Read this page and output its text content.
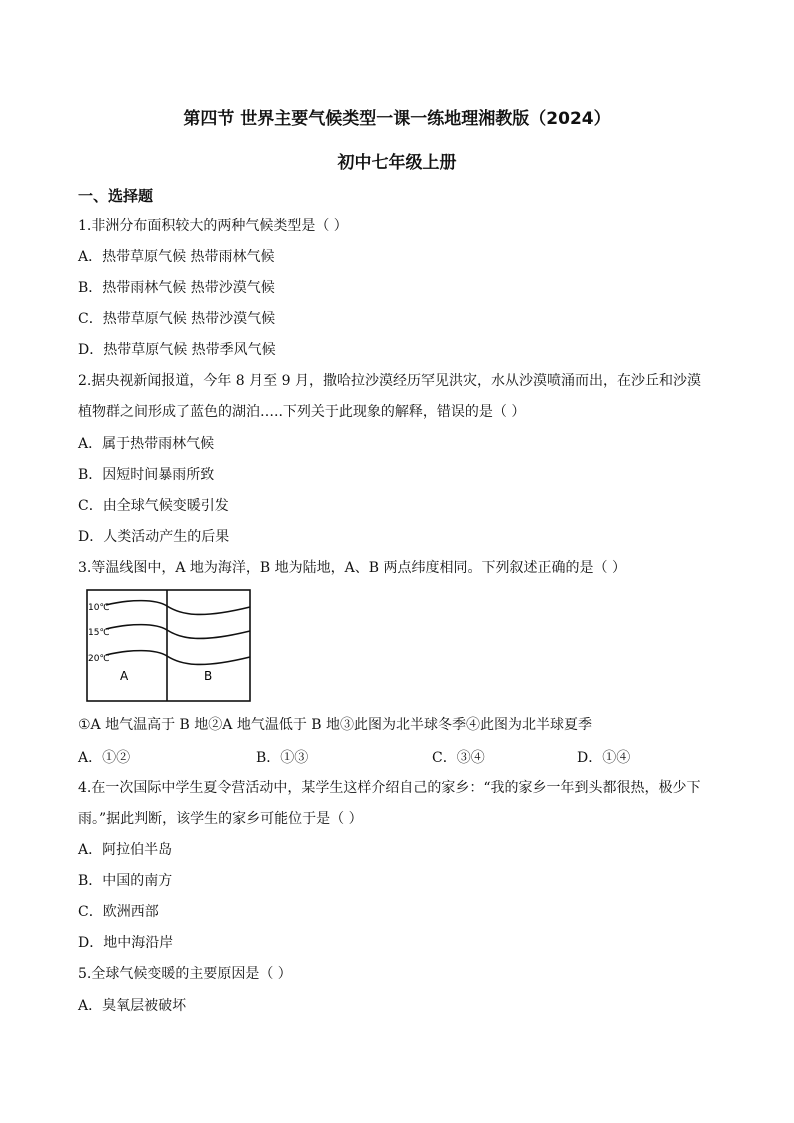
第四节 世界主要气候类型一课一练地理湘教版（2024）
初中七年级上册
一、选择题
1.非洲分布面积较大的两种气候类型是（ ）
A．热带草原气候 热带雨林气候
B．热带雨林气候 热带沙漠气候
C．热带草原气候 热带沙漠气候
D．热带草原气候 热带季风气候
2.据央视新闻报道，今年 8 月至 9 月，撒哈拉沙漠经历罕见洪灾，水从沙漠喷涌而出，在沙丘和沙漠
植物群之间形成了蓝色的湖泊…..下列关于此现象的解释，错误的是（ ）
A．属于热带雨林气候
B．因短时间暴雨所致
C．由全球气候变暖引发
D．人类活动产生的后果
3.等温线图中，A 地为海洋，B 地为陆地，A、B 两点纬度相同。下列叙述正确的是（ ）
10℃
15℃
20℃
A	B
①A 地气温高于 B 地②A 地气温低于 B 地③此图为北半球冬季④此图为北半球夏季
A．①②	B．①③	C．③④	D．①④
4.在一次国际中学生夏令营活动中，某学生这样介绍自己的家乡：“我的家乡一年到头都很热，极少下
雨。”据此判断，该学生的家乡可能位于是（ ）
A．阿拉伯半岛
B．中国的南方
C．欧洲西部
D．地中海沿岸
5.全球气候变暖的主要原因是（ ）
A．臭氧层被破坏
